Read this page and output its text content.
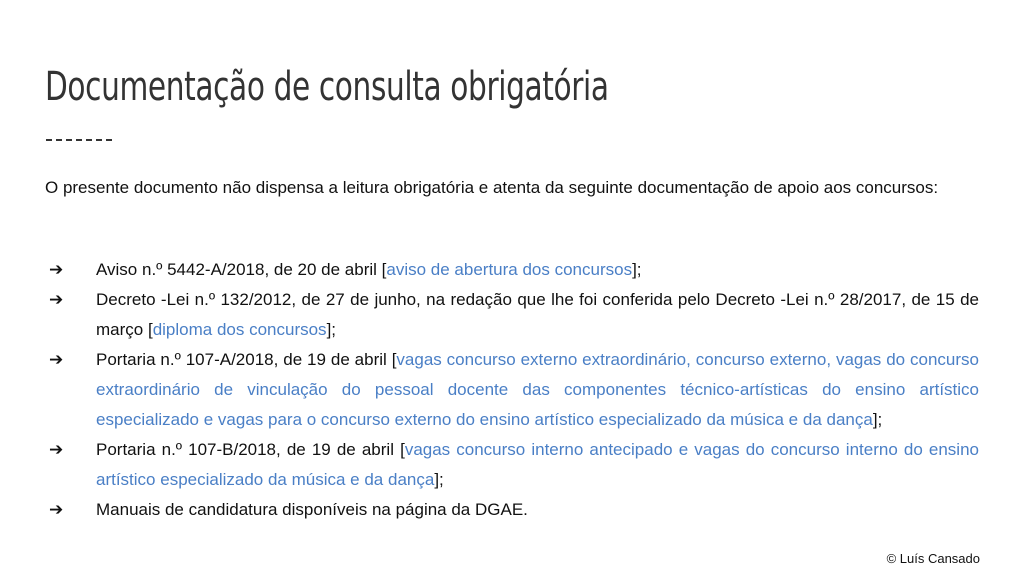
Documentação de consulta obrigatória

O presente documento não dispensa a leitura obrigatória e atenta da seguinte documentação de apoio aos concursos:

➔ Aviso n.º 5442-A/2018, de 20 de abril [aviso de abertura dos concursos];
➔ Decreto -Lei n.º 132/2012, de 27 de junho, na redação que lhe foi conferida pelo Decreto -Lei n.º 28/2017, de 15 de março [diploma dos concursos];
➔ Portaria n.º 107-A/2018, de 19 de abril [vagas concurso externo extraordinário, concurso externo, vagas do concurso extraordinário de vinculação do pessoal docente das componentes técnico-artísticas do ensino artístico especializado e vagas para o concurso externo do ensino artístico especializado da música e da dança];
➔ Portaria n.º 107-B/2018, de 19 de abril [vagas concurso interno antecipado e vagas do concurso interno do ensino artístico especializado da música e da dança];
➔ Manuais de candidatura disponíveis na página da DGAE.
© Luís Cansado
